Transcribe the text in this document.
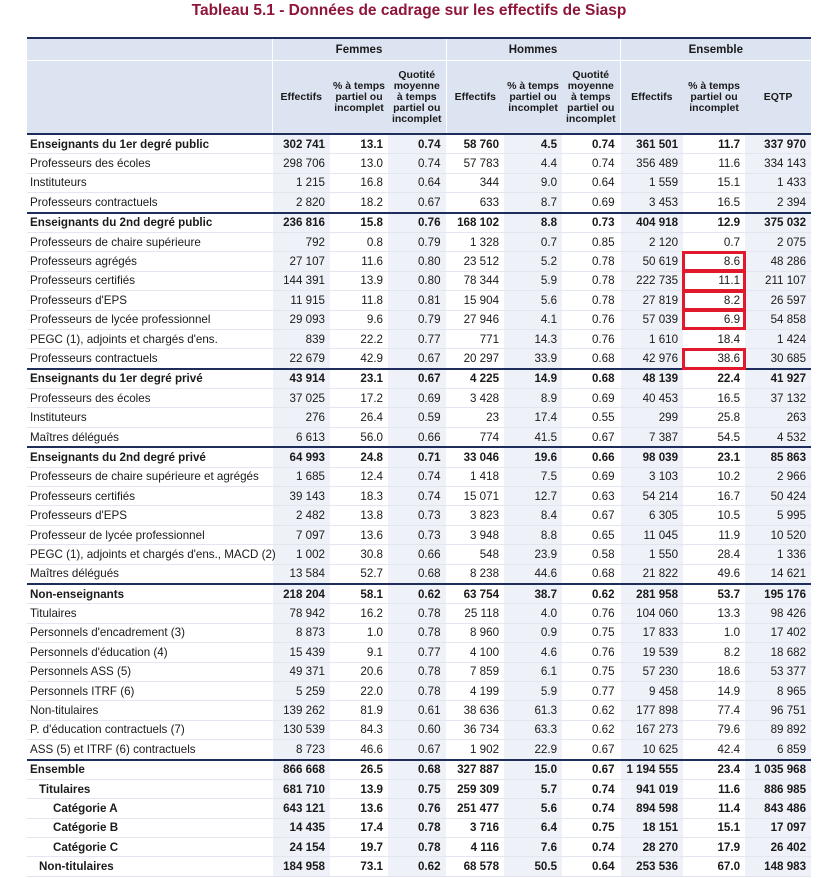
Tableau 5.1 - Données de cadrage sur les effectifs de Siasp
	Femmes			Hommes			Ensemble		
	Effectifs	% à temps partiel ou incomplet	Quotité moyenne à temps partiel ou incomplet	Effectifs	% à temps partiel ou incomplet	Quotité moyenne à temps partiel ou incomplet	Effectifs	% à temps partiel ou incomplet	EQTP
Enseignants du 1er degré public	302 741	13.1	0.74	58 760	4.5	0.74	361 501	11.7	337 970
Professeurs des écoles	298 706	13.0	0.74	57 783	4.4	0.74	356 489	11.6	334 143
Instituteurs	1 215	16.8	0.64	344	9.0	0.64	1 559	15.1	1 433
Professeurs contractuels	2 820	18.2	0.67	633	8.7	0.69	3 453	16.5	2 394
Enseignants du 2nd degré public	236 816	15.8	0.76	168 102	8.8	0.73	404 918	12.9	375 032
Professeurs de chaire supérieure	792	0.8	0.79	1 328	0.7	0.85	2 120	0.7	2 075
Professeurs agrégés	27 107	11.6	0.80	23 512	5.2	0.78	50 619	8.6	48 286
Professeurs certifiés	144 391	13.9	0.80	78 344	5.9	0.78	222 735	11.1	211 107
Professeurs d'EPS	11 915	11.8	0.81	15 904	5.6	0.78	27 819	8.2	26 597
Professeurs de lycée professionnel	29 093	9.6	0.79	27 946	4.1	0.76	57 039	6.9	54 858
PEGC (1), adjoints et chargés d'ens.	839	22.2	0.77	771	14.3	0.76	1 610	18.4	1 424
Professeurs contractuels	22 679	42.9	0.67	20 297	33.9	0.68	42 976	38.6	30 685
Enseignants du 1er degré privé	43 914	23.1	0.67	4 225	14.9	0.68	48 139	22.4	41 927
Professeurs des écoles	37 025	17.2	0.69	3 428	8.9	0.69	40 453	16.5	37 132
Instituteurs	276	26.4	0.59	23	17.4	0.55	299	25.8	263
Maîtres délégués	6 613	56.0	0.66	774	41.5	0.67	7 387	54.5	4 532
Enseignants du 2nd degré privé	64 993	24.8	0.71	33 046	19.6	0.66	98 039	23.1	85 863
Professeurs de chaire supérieure et agrégés	1 685	12.4	0.74	1 418	7.5	0.69	3 103	10.2	2 966
Professeurs certifiés	39 143	18.3	0.74	15 071	12.7	0.63	54 214	16.7	50 424
Professeurs d'EPS	2 482	13.8	0.73	3 823	8.4	0.67	6 305	10.5	5 995
Professeur de lycée professionnel	7 097	13.6	0.73	3 948	8.8	0.65	11 045	11.9	10 520
PEGC (1), adjoints et chargés d'ens., MACD (2)	1 002	30.8	0.66	548	23.9	0.58	1 550	28.4	1 336
Maîtres délégués	13 584	52.7	0.68	8 238	44.6	0.68	21 822	49.6	14 621
Non-enseignants	218 204	58.1	0.62	63 754	38.7	0.62	281 958	53.7	195 176
Titulaires	78 942	16.2	0.78	25 118	4.0	0.76	104 060	13.3	98 426
Personnels d'encadrement (3)	8 873	1.0	0.78	8 960	0.9	0.75	17 833	1.0	17 402
Personnels d'éducation (4)	15 439	9.1	0.77	4 100	4.6	0.76	19 539	8.2	18 682
Personnels ASS (5)	49 371	20.6	0.78	7 859	6.1	0.75	57 230	18.6	53 377
Personnels ITRF (6)	5 259	22.0	0.78	4 199	5.9	0.77	9 458	14.9	8 965
Non-titulaires	139 262	81.9	0.61	38 636	61.3	0.62	177 898	77.4	96 751
P. d'éducation contractuels (7)	130 539	84.3	0.60	36 734	63.3	0.62	167 273	79.6	89 892
ASS (5) et ITRF (6) contractuels	8 723	46.6	0.67	1 902	22.9	0.67	10 625	42.4	6 859
Ensemble	866 668	26.5	0.68	327 887	15.0	0.67	1 194 555	23.4	1 035 968
Titulaires	681 710	13.9	0.75	259 309	5.7	0.74	941 019	11.6	886 985
Catégorie A	643 121	13.6	0.76	251 477	5.6	0.74	894 598	11.4	843 486
Catégorie B	14 435	17.4	0.78	3 716	6.4	0.75	18 151	15.1	17 097
Catégorie C	24 154	19.7	0.78	4 116	7.6	0.74	28 270	17.9	26 402
Non-titulaires	184 958	73.1	0.62	68 578	50.5	0.64	253 536	67.0	148 983
